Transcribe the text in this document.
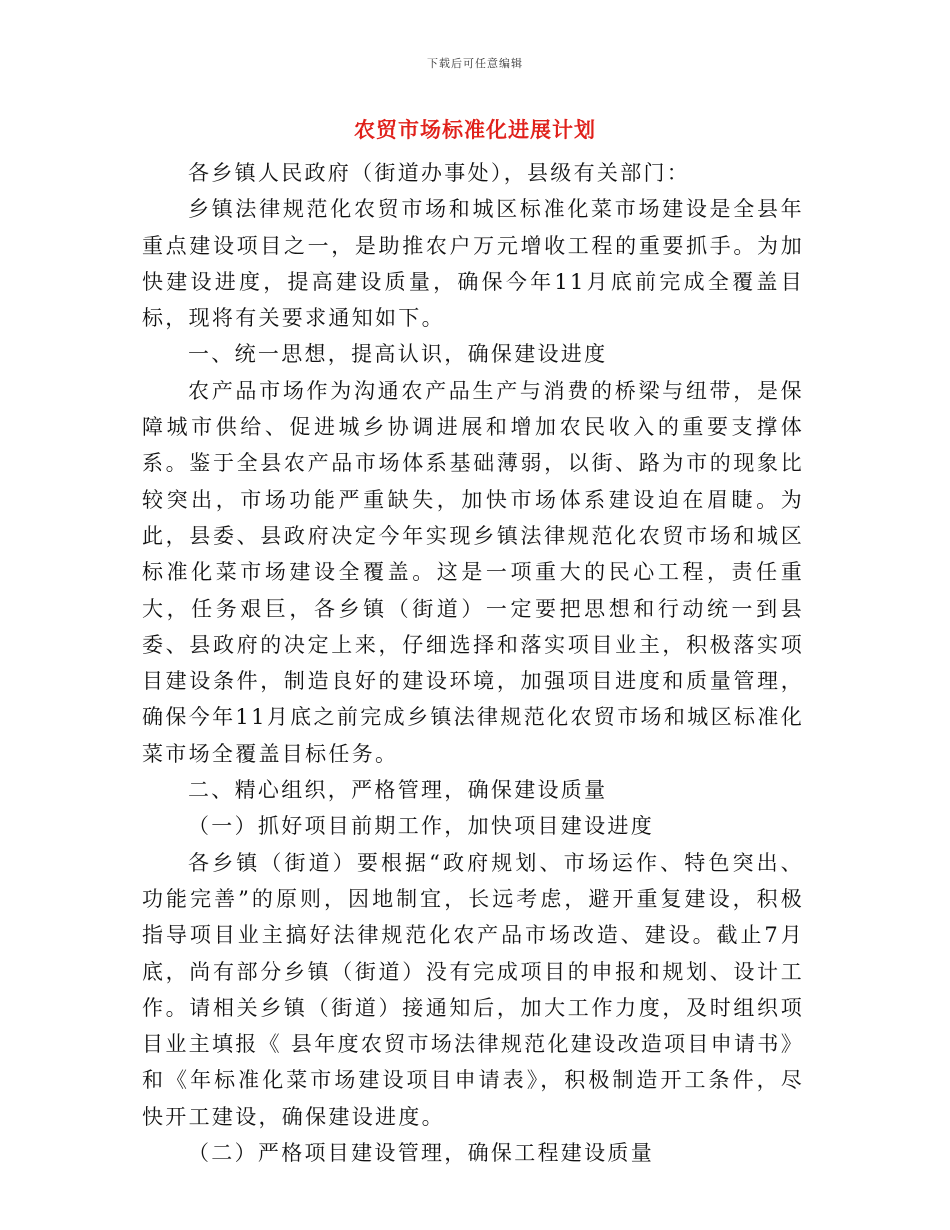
下载后可任意编辑
农贸市场标准化进展计划

各乡镇人民政府（街道办事处），县级有关部门：

乡镇法律规范化农贸市场和城区标准化菜市场建设是全县年重点建设项目之一，是助推农户万元增收工程的重要抓手。为加快建设进度，提高建设质量，确保今年11月底前完成全覆盖目标，现将有关要求通知如下。

一、统一思想，提高认识，确保建设进度

农产品市场作为沟通农产品生产与消费的桥梁与纽带，是保障城市供给、促进城乡协调进展和增加农民收入的重要支撑体系。鉴于全县农产品市场体系基础薄弱，以街、路为市的现象比较突出，市场功能严重缺失，加快市场体系建设迫在眉睫。为此，县委、县政府决定今年实现乡镇法律规范化农贸市场和城区标准化菜市场建设全覆盖。这是一项重大的民心工程，责任重大，任务艰巨，各乡镇（街道）一定要把思想和行动统一到县委、县政府的决定上来，仔细选择和落实项目业主，积极落实项目建设条件，制造良好的建设环境，加强项目进度和质量管理，确保今年11月底之前完成乡镇法律规范化农贸市场和城区标准化菜市场全覆盖目标任务。

二、精心组织，严格管理，确保建设质量

（一）抓好项目前期工作，加快项目建设进度

各乡镇（街道）要根据“政府规划、市场运作、特色突出、功能完善”的原则，因地制宜，长远考虑，避开重复建设，积极指导项目业主搞好法律规范化农产品市场改造、建设。截止7月底，尚有部分乡镇（街道）没有完成项目的申报和规划、设计工作。请相关乡镇（街道）接通知后，加大工作力度，及时组织项目业主填报《 县年度农贸市场法律规范化建设改造项目申请书》和《年标准化菜市场建设项目申请表》，积极制造开工条件，尽快开工建设，确保建设进度。

（二）严格项目建设管理，确保工程建设质量
